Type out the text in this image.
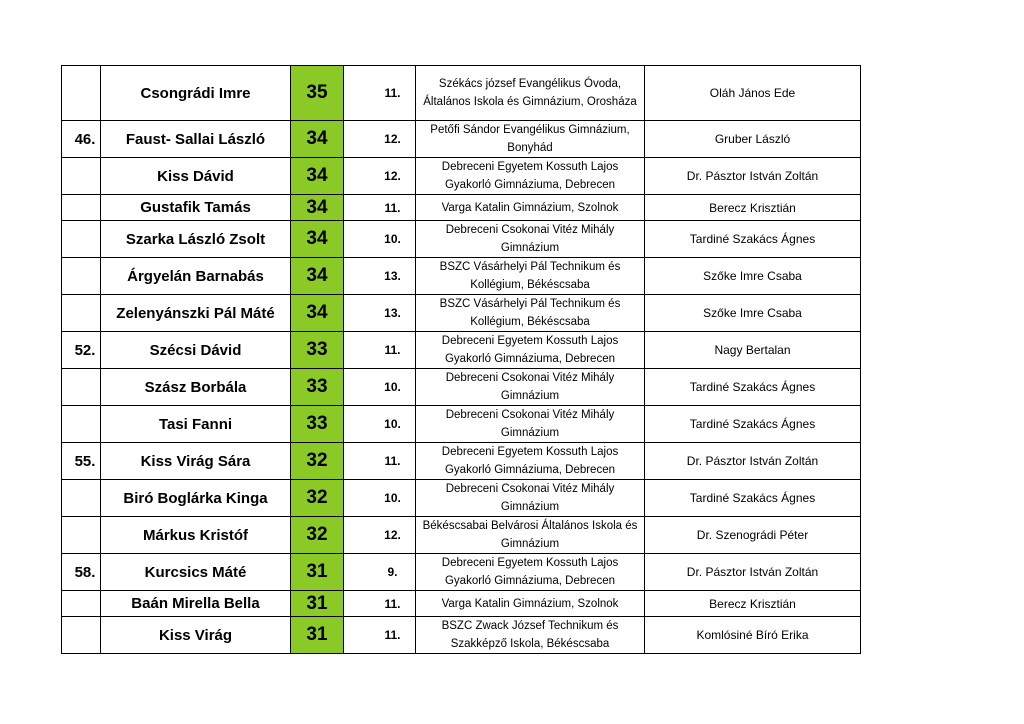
	Csongrádi Imre	35	11.	Székács józsef Evangélikus Óvoda,
Általános Iskola és Gimnázium, Orosháza	Oláh János Ede
46.	Faust- Sallai László	34	12.	Petőfi Sándor Evangélikus Gimnázium,
Bonyhád	Gruber László
	Kiss Dávid	34	12.	Debreceni Egyetem Kossuth Lajos
Gyakorló Gimnáziuma, Debrecen	Dr. Pásztor István Zoltán
	Gustafik Tamás	34	11.	Varga Katalin Gimnázium, Szolnok	Berecz Krisztián
	Szarka László Zsolt	34	10.	Debreceni Csokonai Vitéz Mihály
Gimnázium	Tardiné Szakács Ágnes
	Árgyelán Barnabás	34	13.	BSZC Vásárhelyi Pál Technikum és
Kollégium, Békéscsaba	Szőke Imre Csaba
	Zelenyánszki Pál Máté	34	13.	BSZC Vásárhelyi Pál Technikum és
Kollégium, Békéscsaba	Szőke Imre Csaba
52.	Szécsi Dávid	33	11.	Debreceni Egyetem Kossuth Lajos
Gyakorló Gimnáziuma, Debrecen	Nagy Bertalan
	Szász Borbála	33	10.	Debreceni Csokonai Vitéz Mihály
Gimnázium	Tardiné Szakács Ágnes
	Tasi Fanni	33	10.	Debreceni Csokonai Vitéz Mihály
Gimnázium	Tardiné Szakács Ágnes
55.	Kiss Virág Sára	32	11.	Debreceni Egyetem Kossuth Lajos
Gyakorló Gimnáziuma, Debrecen	Dr. Pásztor István Zoltán
	Biró Boglárka Kinga	32	10.	Debreceni Csokonai Vitéz Mihály
Gimnázium	Tardiné Szakács Ágnes
	Márkus Kristóf	32	12.	Békéscsabai Belvárosi Általános Iskola és
Gimnázium	Dr. Szenográdi Péter
58.	Kurcsics Máté	31	9.	Debreceni Egyetem Kossuth Lajos
Gyakorló Gimnáziuma, Debrecen	Dr. Pásztor István Zoltán
	Baán Mirella Bella	31	11.	Varga Katalin Gimnázium, Szolnok	Berecz Krisztián
	Kiss Virág	31	11.	BSZC Zwack József Technikum és
Szakképző Iskola, Békéscsaba	Komlósiné Bíró Erika
